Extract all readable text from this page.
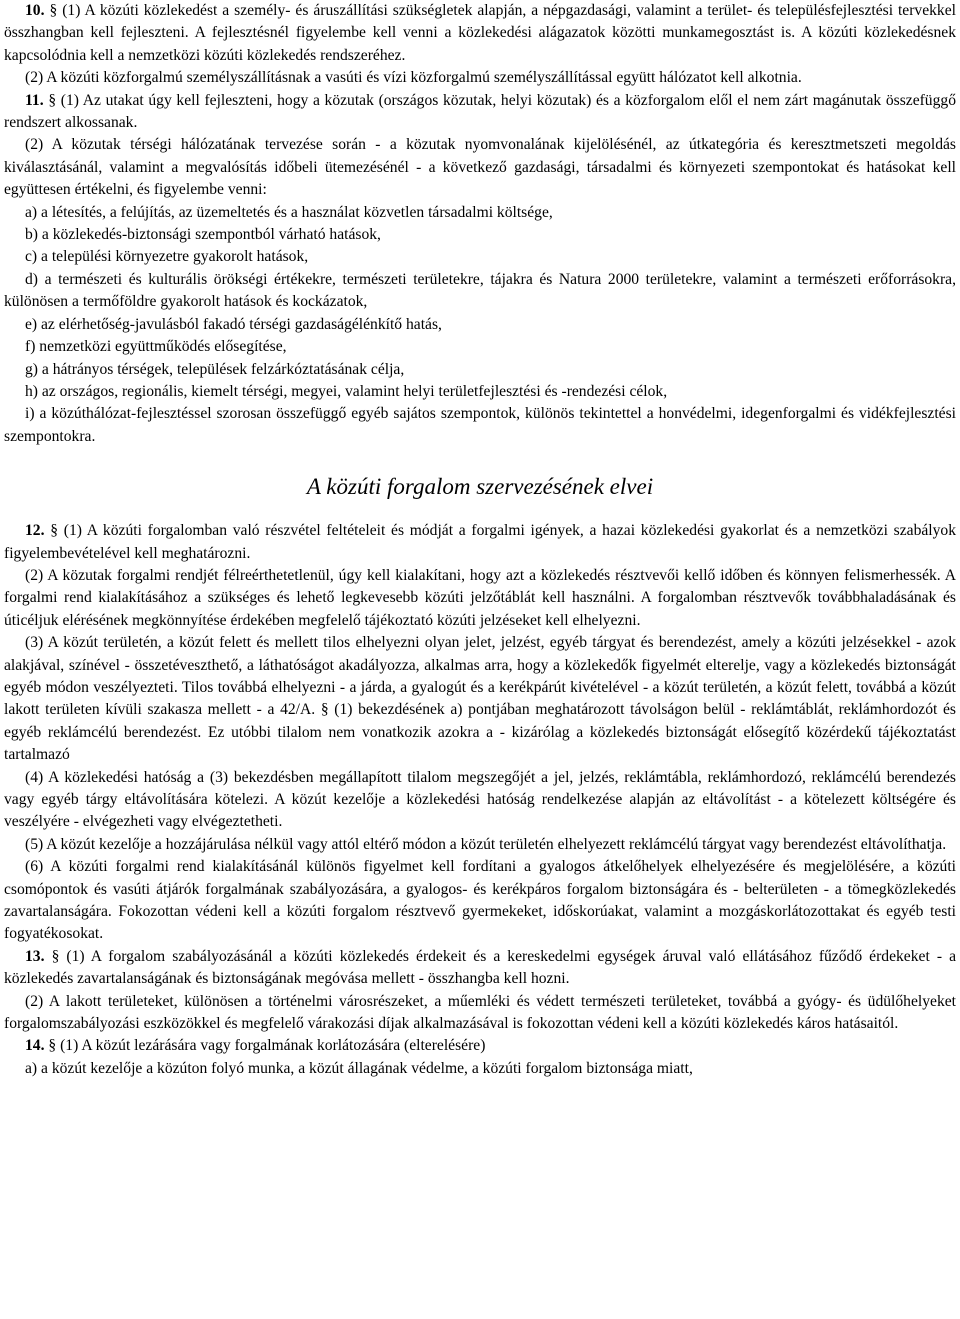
10. § (1) A közúti közlekedést a személy- és áruszállítási szükségletek alapján, a népgazdasági, valamint a terület- és településfejlesztési tervekkel összhangban kell fejleszteni. A fejlesztésnél figyelembe kell venni a közlekedési alágazatok közötti munkamegosztást is. A közúti közlekedésnek kapcsolódnia kell a nemzetközi közúti közlekedés rendszeréhez.

(2) A közúti közforgalmú személyszállításnak a vasúti és vízi közforgalmú személyszállítással együtt hálózatot kell alkotnia.

11. § (1) Az utakat úgy kell fejleszteni, hogy a közutak (országos közutak, helyi közutak) és a közforgalom elől el nem zárt magánutak összefüggő rendszert alkossanak.

(2) A közutak térségi hálózatának tervezése során - a közutak nyomvonalának kijelölésénél, az útkategória és keresztmetszeti megoldás kiválasztásánál, valamint a megvalósítás időbeli ütemezésénél - a következő gazdasági, társadalmi és környezeti szempontokat és hatásokat kell együttesen értékelni, és figyelembe venni:

a) a létesítés, a felújítás, az üzemeltetés és a használat közvetlen társadalmi költsége,

b) a közlekedés-biztonsági szempontból várható hatások,

c) a települési környezetre gyakorolt hatások,

d) a természeti és kulturális örökségi értékekre, természeti területekre, tájakra és Natura 2000 területekre, valamint a természeti erőforrásokra, különösen a termőföldre gyakorolt hatások és kockázatok,

e) az elérhetőség-javulásból fakadó térségi gazdaságélénkítő hatás,

f) nemzetközi együttműködés elősegítése,

g) a hátrányos térségek, települések felzárkóztatásának célja,

h) az országos, regionális, kiemelt térségi, megyei, valamint helyi területfejlesztési és -rendezési célok,

i) a közúthálózat-fejlesztéssel szorosan összefüggő egyéb sajátos szempontok, különös tekintettel a honvédelmi, idegenforgalmi és vidékfejlesztési szempontokra.

A közúti forgalom szervezésének elvei

12. § (1) A közúti forgalomban való részvétel feltételeit és módját a forgalmi igények, a hazai közlekedési gyakorlat és a nemzetközi szabályok figyelembevételével kell meghatározni.

(2) A közutak forgalmi rendjét félreérthetetlenül, úgy kell kialakítani, hogy azt a közlekedés résztvevői kellő időben és könnyen felismerhessék. A forgalmi rend kialakításához a szükséges és lehető legkevesebb közúti jelzőtáblát kell használni. A forgalomban résztvevők továbbhaladásának és úticéljuk elérésének megkönnyítése érdekében megfelelő tájékoztató közúti jelzéseket kell elhelyezni.

(3) A közút területén, a közút felett és mellett tilos elhelyezni olyan jelet, jelzést, egyéb tárgyat és berendezést, amely a közúti jelzésekkel - azok alakjával, színével - összetéveszthető, a láthatóságot akadályozza, alkalmas arra, hogy a közlekedők figyelmét elterelje, vagy a közlekedés biztonságát egyéb módon veszélyezteti. Tilos továbbá elhelyezni - a járda, a gyalogút és a kerékpárút kivételével - a közút területén, a közút felett, továbbá a közút lakott területen kívüli szakasza mellett - a 42/A. § (1) bekezdésének a) pontjában meghatározott távolságon belül - reklámtáblát, reklámhordozót és egyéb reklámcélú berendezést. Ez utóbbi tilalom nem vonatkozik azokra a - kizárólag a közlekedés biztonságát elősegítő közérdekű tájékoztatást tartalmazó

(4) A közlekedési hatóság a (3) bekezdésben megállapított tilalom megszegőjét a jel, jelzés, reklámtábla, reklámhordozó, reklámcélú berendezés vagy egyéb tárgy eltávolítására kötelezi. A közút kezelője a közlekedési hatóság rendelkezése alapján az eltávolítást - a kötelezett költségére és veszélyére - elvégezheti vagy elvégeztetheti.

(5) A közút kezelője a hozzájárulása nélkül vagy attól eltérő módon a közút területén elhelyezett reklámcélú tárgyat vagy berendezést eltávolíthatja.

(6) A közúti forgalmi rend kialakításánál különös figyelmet kell fordítani a gyalogos átkelőhelyek elhelyezésére és megjelölésére, a közúti csomópontok és vasúti átjárók forgalmának szabályozására, a gyalogos- és kerékpáros forgalom biztonságára és - belterületen - a tömegközlekedés zavartalanságára. Fokozottan védeni kell a közúti forgalom résztvevő gyermekeket, időskorúakat, valamint a mozgáskorlátozottakat és egyéb testi fogyatékosokat.

13. § (1) A forgalom szabályozásánál a közúti közlekedés érdekeit és a kereskedelmi egységek áruval való ellátásához fűződő érdekeket - a közlekedés zavartalanságának és biztonságának megóvása mellett - összhangba kell hozni.

(2) A lakott területeket, különösen a történelmi városrészeket, a műemléki és védett természeti területeket, továbbá a gyógy- és üdülőhelyeket forgalomszabályozási eszközökkel és megfelelő várakozási díjak alkalmazásával is fokozottan védeni kell a közúti közlekedés káros hatásaitól.

14. § (1) A közút lezárására vagy forgalmának korlátozására (elterelésére)

a) a közút kezelője a közúton folyó munka, a közút állagának védelme, a közúti forgalom biztonsága miatt,
